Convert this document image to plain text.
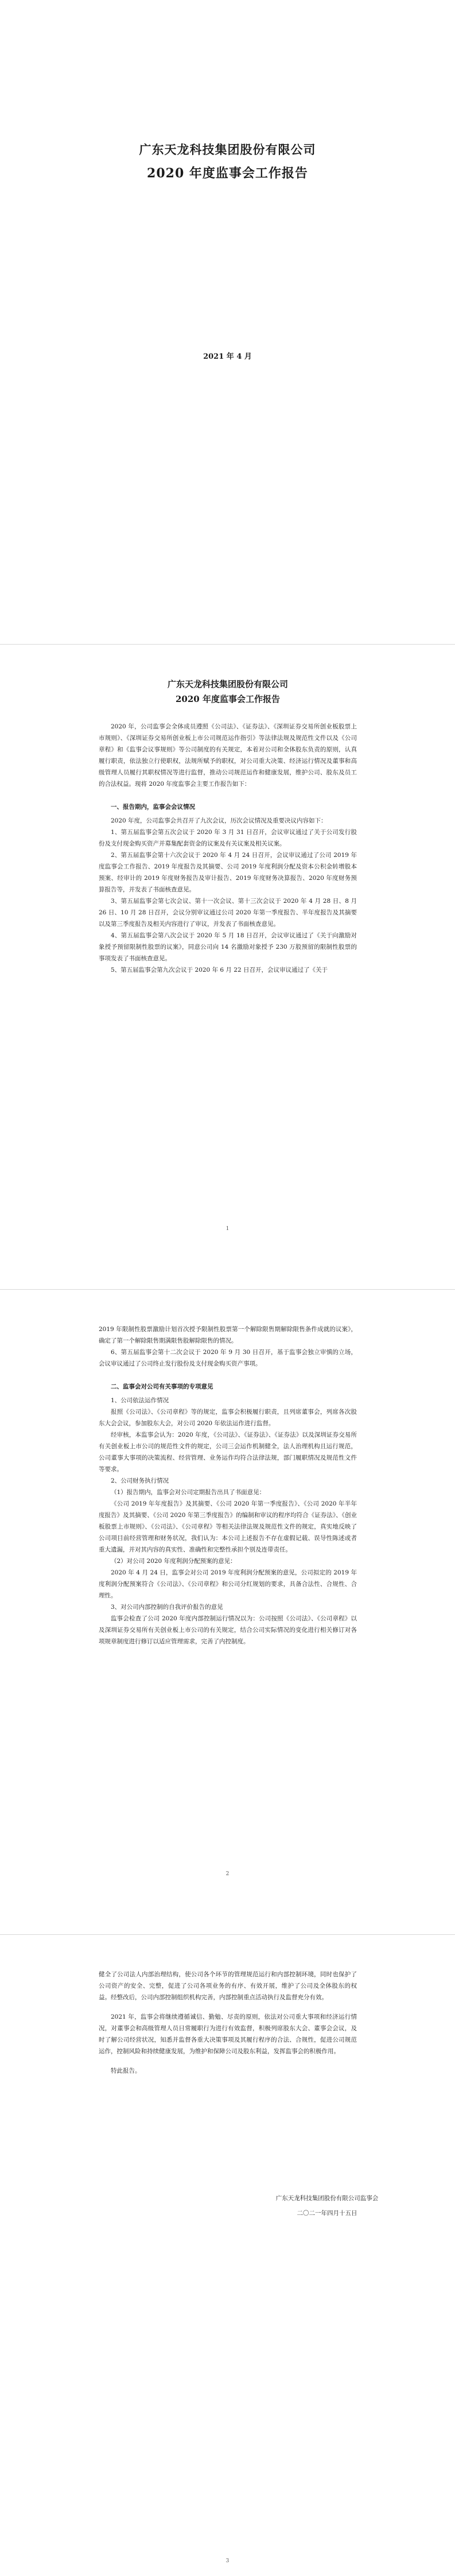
广东天龙科技集团股份有限公司
2020 年度监事会工作报告
2021 年 4 月
广东天龙科技集团股份有限公司
2020 年度监事会工作报告

2020 年，公司监事会全体成员遵照《公司法》、《证券法》、《深圳证券交易所创业板股票上市规则》、《深圳证券交易所创业板上市公司规范运作指引》等法律法规及规范性文件以及《公司章程》和《监事会议事规则》等公司制度的有关规定，本着对公司和全体股东负责的原则，认真履行职责，依法独立行使职权，法规所赋予的职权，对公司重大决策、经济运行情况及董事和高级管理人员履行其职权情况等进行监督，推动公司规范运作和健康发展，维护公司、股东及员工的合法权益。现将 2020 年度监事会主要工作报告如下：

一、报告期内，监事会会议情况

2020 年度，公司监事会共召开了九次会议，历次会议情况及重要决议内容如下：

1、第五届监事会第五次会议于 2020 年 3 月 31 日召开，会议审议通过了关于公司发行股份及支付现金购买资产并募集配套资金的议案及有关议案及相关议案。

2、第五届监事会第十六次会议于 2020 年 4 月 24 日召开，会议审议通过了公司 2019 年度监事会工作报告、2019 年度报告及其摘要、公司 2019 年度利润分配及资本公积金转增股本预案、经审计的 2019 年度财务报告及审计报告、2019 年度财务决算报告、2020 年度财务预算报告等，并发表了书面核查意见。

3、第五届监事会第七次会议、第十一次会议、第十三次会议于 2020 年 4 月 28 日、8 月 26 日、10 月 28 日召开，会议分别审议通过公司 2020 年第一季度报告、半年度报告及其摘要以及第三季度报告及相关内容进行了审议，并发表了书面核查意见。

4、第五届监事会第八次会议于 2020 年 5 月 18 日召开，会议审议通过了《关于向激励对象授予预留限制性股票的议案》，同意公司向 14 名激励对象授予 230 万股预留的限制性股票的事项发表了书面核查意见。

5、第五届监事会第九次会议于 2020 年 6 月 22 日召开，会议审议通过了《关于

1

2019 年限制性股票激励计划首次授予限制性股票第一个解除限售期解除限售条件成就的议案》，确定了第一个解除限售期满限售股解除限售的情况。

6、第五届监事会第十二次会议于 2020 年 9 月 30 日召开，基于监事会独立审慎的立场，会议审议通过了公司终止发行股份及支付现金购买资产事项。

二、监事会对公司有关事项的专项意见

1、公司依法运作情况

报照《公司法》、《公司章程》等的规定，监事会积极履行职责，且列席董事会，列席各次股东大会会议，参加股东大会，对公司 2020 年依法运作进行监督。

经审核，本监事会认为：2020 年度，《公司法》、《证券法》、《证券法》以及深圳证券交易所有关创业板上市公司的规范性文件的规定，公司三会运作机制健全，法人治理机构且运行规范，公司董事大事项的决策流程、经营管理、业务运作均符合法律法规，部门履职情况及规范性文件等要求。

2、公司财务执行情况

（1）报告期内，监事会对公司定期报告出具了书面意见：

《公司 2019 年年度报告》及其摘要、《公司 2020 年第一季度报告》、《公司 2020 年半年度报告》及其摘要、《公司 2020 年第三季度报告》的编制和审议的程序均符合《证券法》、《创业板股票上市规则》、《公司法》、《公司章程》等相关法律法规及规范性文件的规定，真实地反映了公司项目前经营管理和财务状况，我们认为：本公司上述报告不存在虚假记载、误导性陈述或者重大遗漏，并对其内容的真实性、准确性和完整性承担个别及连带责任。

（2）对公司 2020 年度利润分配预案的意见：

2020 年 4 月 24 日，监事会对公司 2019 年度利润分配预案的意见，公司拟定的 2019 年度利润分配预案符合《公司法》、《公司章程》和公司分红规划的要求，具备合法性、合规性、合理性。

3、对公司内部控制的自我评价报告的意见

监事会检查了公司 2020 年度内部控制运行情况以为：公司按照《公司法》、《公司章程》以及深圳证券交易所有关创业板上市公司的有关规定，结合公司实际情况的变化进行相关修订对各项规章制度进行修订以适应管理需求，完善了内控制度。

2

健全了公司法人内部治理结构，使公司各个环节的管理规范运行和内部控制环境，同时也保护了公司资产的安全、完整，促进了公司各项业务的有序、有效开展，维护了公司及全体股东的权益。经整改后，公司内部控制组织机构完善，内部控制重点活动执行及监督充分有效。

2021 年，监事会将继续遵循诚信、勤勉、尽责的原则，依法对公司重大事项和经济运行情况，对董事会和高级管理人员日常履职行为进行有效监督，积极列席股东大会、董事会会议，及时了解公司经营状况，知悉并监督各重大决策事项及其履行程序的合法、合规性，促进公司规范运作，控制风险和持续健康发展，为维护和保障公司及股东利益，发挥监事会的积极作用。

特此报告。

广东天龙科技集团股份有限公司监事会
二〇二一年四月十五日
3
